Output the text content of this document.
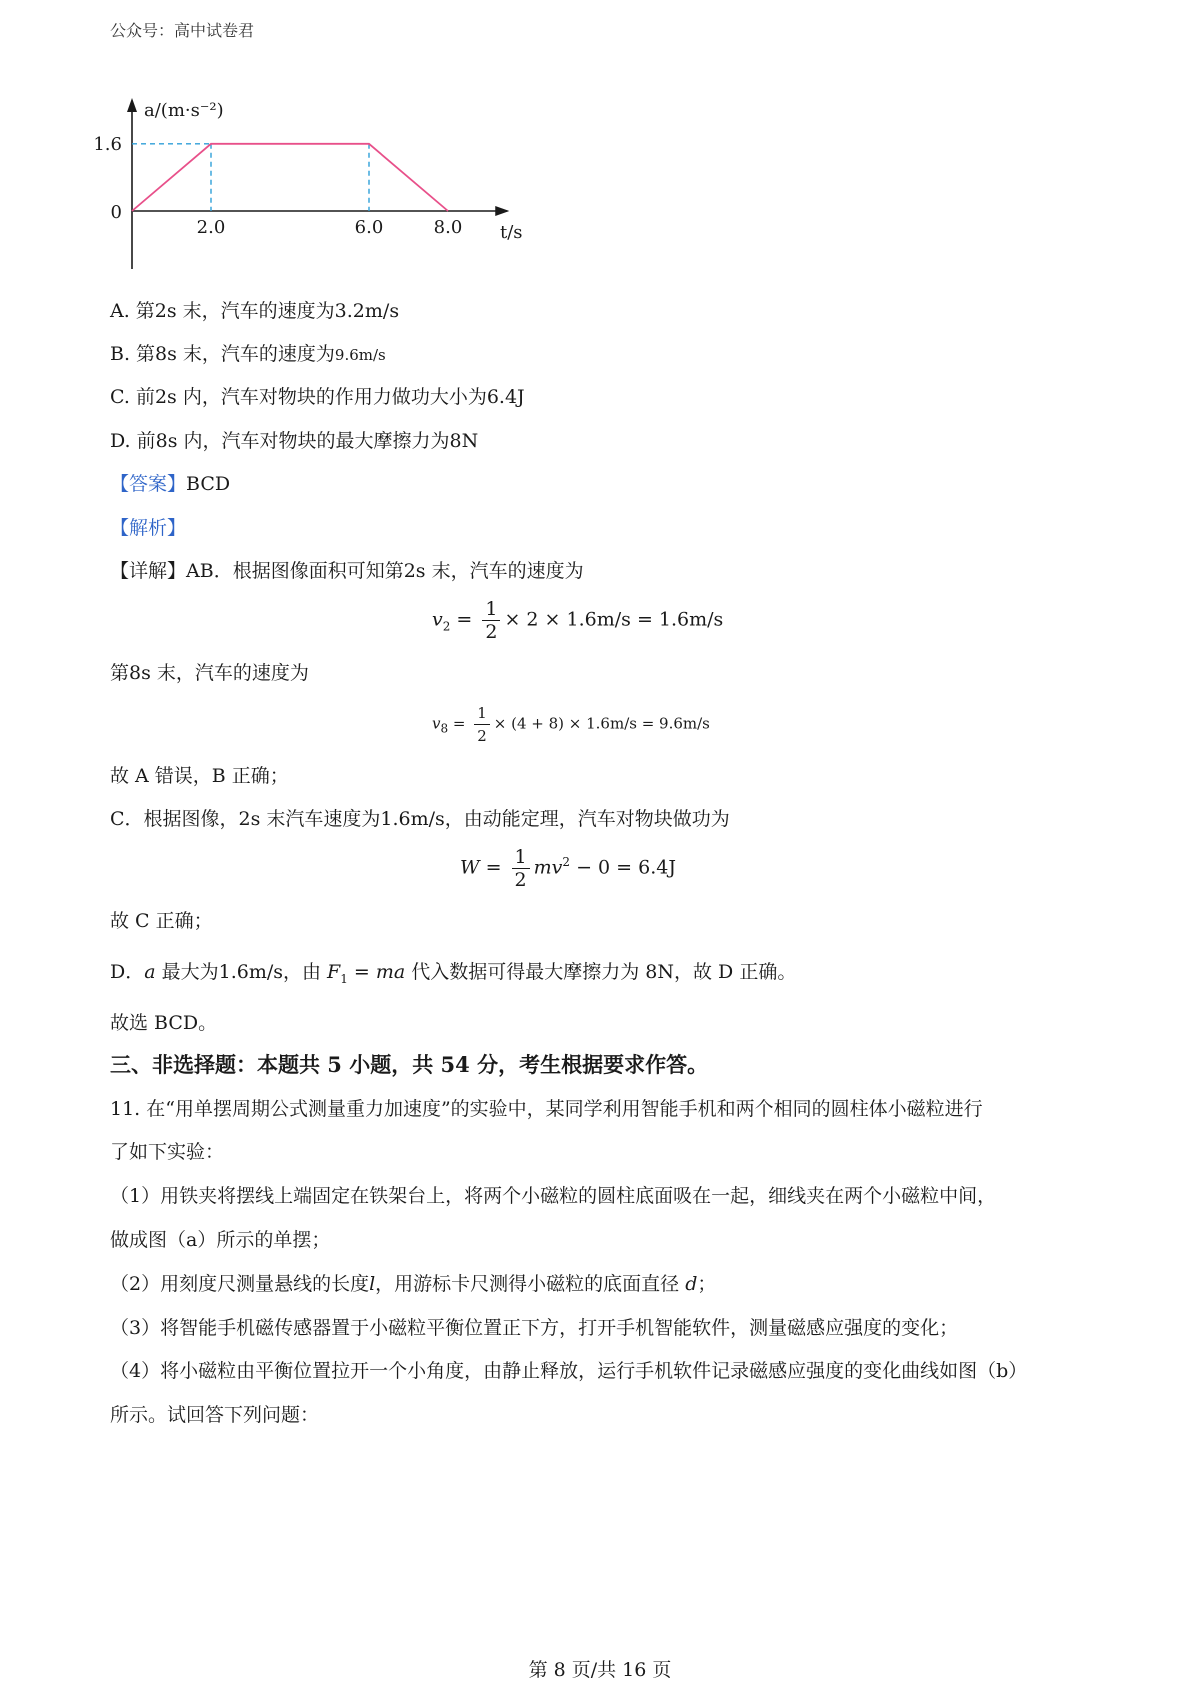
公众号：高中试卷君
a/(m·s⁻²)
1.6
0
2.0	6.0	8.0 t/s
A. 第2s 末，汽车的速度为3.2m/s
B. 第8s 末，汽车的速度为9.6m/s
C. 前2s 内，汽车对物块的作用力做功大小为6.4J
D. 前8s 内，汽车对物块的最大摩擦力为8N
【答案】BCD
【解析】
【详解】AB．根据图像面积可知第2s 末，汽车的速度为
$v_2 = \frac{1}{2} \times 2 \times 1.6m/s = 1.6m/s$
第8s 末，汽车的速度为
$v_8 = \frac{1}{2} \times (4 + 8) \times 1.6m/s = 9.6m/s$
故 A 错误，B 正确；
C．根据图像，2s 末汽车速度为1.6m/s，由动能定理，汽车对物块做功为
$W = \frac{1}{2} mv^2 - 0 = 6.4J$
故 C 正确；
D．a 最大为1.6m/s，由 $F_1$ = ma 代入数据可得最大摩擦力为 8N，故 D 正确。
故选 BCD。
三、非选择题：本题共 5 小题，共 54 分，考生根据要求作答。
11. 在“用单摆周期公式测量重力加速度”的实验中，某同学利用智能手机和两个相同的圆柱体小磁粒进行
了如下实验：
（1）用铁夹将摆线上端固定在铁架台上，将两个小磁粒的圆柱底面吸在一起，细线夹在两个小磁粒中间，
做成图（a）所示的单摆；
（2）用刻度尺测量悬线的长度l，用游标卡尺测得小磁粒的底面直径 d；
（3）将智能手机磁传感器置于小磁粒平衡位置正下方，打开手机智能软件，测量磁感应强度的变化；
（4）将小磁粒由平衡位置拉开一个小角度，由静止释放，运行手机软件记录磁感应强度的变化曲线如图（b）
所示。试回答下列问题：
第 8 页/共 16 页
